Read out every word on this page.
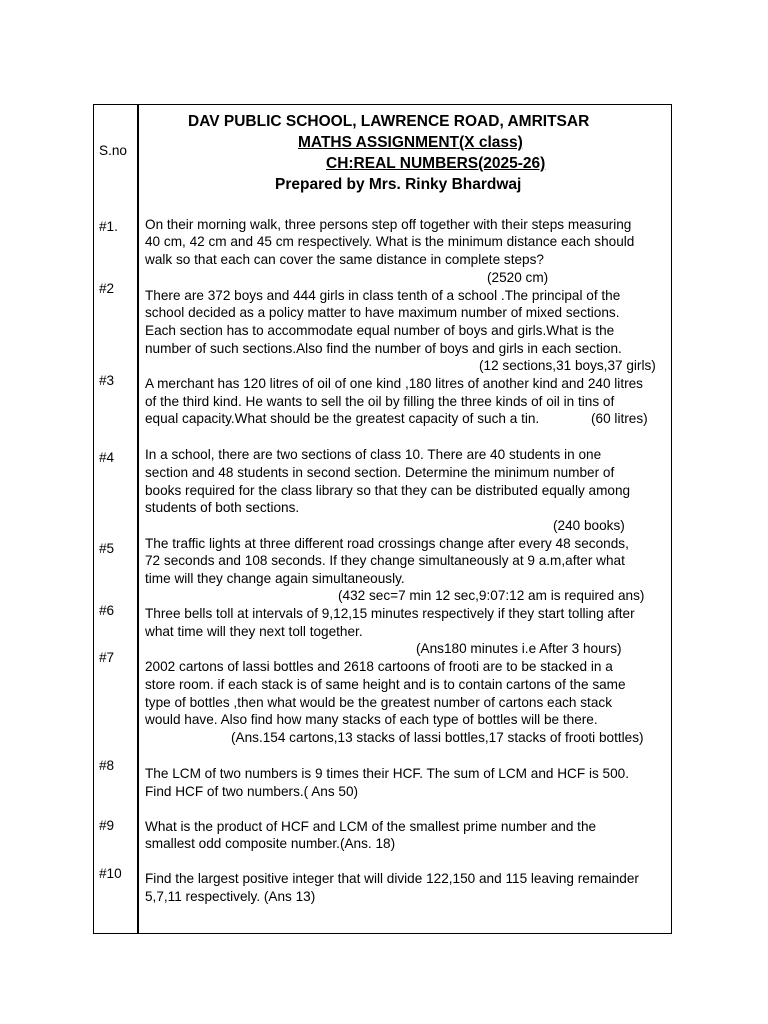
S.no
DAV PUBLIC SCHOOL, LAWRENCE ROAD, AMRITSAR
MATHS ASSIGNMENT(X class)
CH:REAL NUMBERS(2025-26)
Prepared by Mrs. Rinky Bhardwaj
#1. On their morning walk, three persons step off together with their steps measuring
40 cm, 42 cm and 45 cm respectively. What is the minimum distance each should
walk so that each can cover the same distance in complete steps?
(2520 cm)
#2 There are 372 boys and 444 girls in class tenth of a school .The principal of the
school decided as a policy matter to have maximum number of mixed sections.
Each section has to accommodate equal number of boys and girls.What is the
number of such sections.Also find the number of boys and girls in each section.
(12 sections,31 boys,37 girls)
#3 A merchant has 120 litres of oil of one kind ,180 litres of another kind and 240 litres
of the third kind. He wants to sell the oil by filling the three kinds of oil in tins of
equal capacity.What should be the greatest capacity of such a tin.	(60 litres)
#4 In a school, there are two sections of class 10. There are 40 students in one
section and 48 students in second section. Determine the minimum number of
books required for the class library so that they can be distributed equally among
students of both sections.
(240 books)
#5 The traffic lights at three different road crossings change after every 48 seconds,
72 seconds and 108 seconds. If they change simultaneously at 9 a.m,after what
time will they change again simultaneously.
(432 sec=7 min 12 sec,9:07:12 am is required ans)
#6 Three bells toll at intervals of 9,12,15 minutes respectively if they start tolling after
what time will they next toll together.
(Ans180 minutes i.e After 3 hours)
#7
2002 cartons of lassi bottles and 2618 cartoons of frooti are to be stacked in a
store room. if each stack is of same height and is to contain cartons of the same
type of bottles ,then what would be the greatest number of cartons each stack
would have. Also find how many stacks of each type of bottles will be there.
(Ans.154 cartons,13 stacks of lassi bottles,17 stacks of frooti bottles)
#8
The LCM of two numbers is 9 times their HCF. The sum of LCM and HCF is 500.
Find HCF of two numbers.( Ans 50)
#9 What is the product of HCF and LCM of the smallest prime number and the
smallest odd composite number.(Ans. 18)
#10 Find the largest positive integer that will divide 122,150 and 115 leaving remainder
5,7,11 respectively. (Ans 13)
